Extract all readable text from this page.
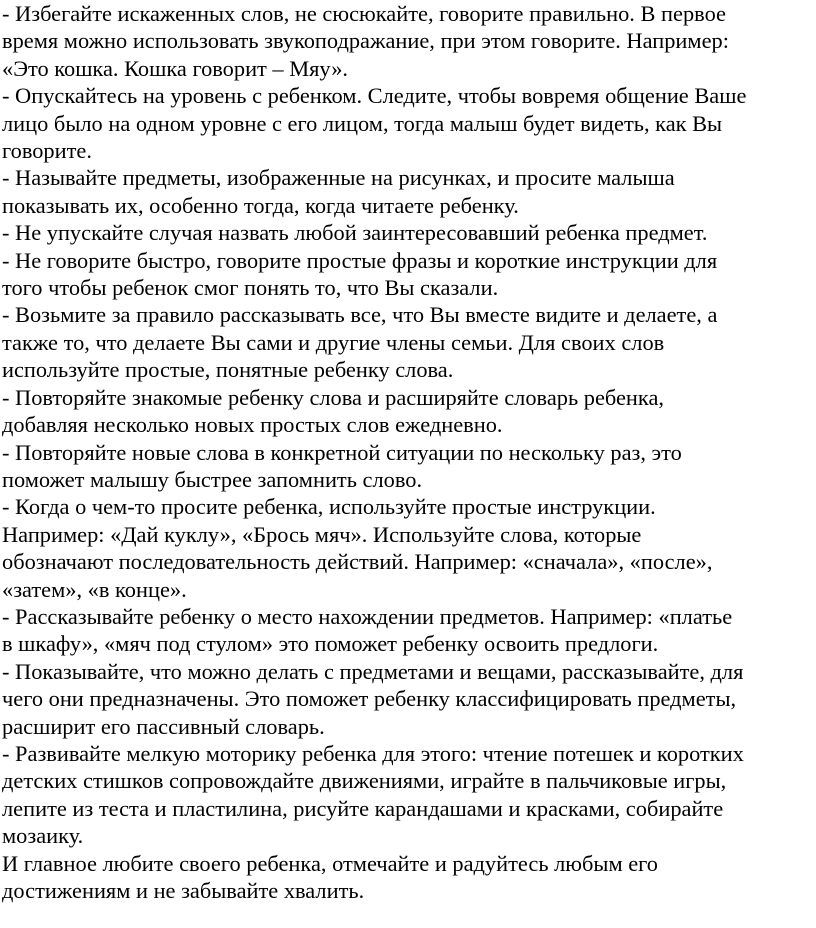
- Избегайте искаженных слов, не сюсюкайте, говорите правильно. В первое
время можно использовать звукоподражание, при этом говорите. Например:
«Это кошка. Кошка говорит – Мяу».
- Опускайтесь на уровень с ребенком. Следите, чтобы вовремя общение Ваше
лицо было на одном уровне с его лицом, тогда малыш будет видеть, как Вы
говорите.
- Называйте предметы, изображенные на рисунках, и просите малыша
показывать их, особенно тогда, когда читаете ребенку.
- Не упускайте случая назвать любой заинтересовавший ребенка предмет.
- Не говорите быстро, говорите простые фразы и короткие инструкции для
того чтобы ребенок смог понять то, что Вы сказали.
- Возьмите за правило рассказывать все, что Вы вместе видите и делаете, а
также то, что делаете Вы сами и другие члены семьи. Для своих слов
используйте простые, понятные ребенку слова.
- Повторяйте знакомые ребенку слова и расширяйте словарь ребенка,
добавляя несколько новых простых слов ежедневно.
- Повторяйте новые слова в конкретной ситуации по нескольку раз, это
поможет малышу быстрее запомнить слово.
- Когда о чем-то просите ребенка, используйте простые инструкции.
Например: «Дай куклу», «Брось мяч». Используйте слова, которые
обозначают последовательность действий. Например: «сначала», «после»,
«затем», «в конце».
- Рассказывайте ребенку о место нахождении предметов. Например: «платье
в шкафу», «мяч под стулом» это поможет ребенку освоить предлоги.
- Показывайте, что можно делать с предметами и вещами, рассказывайте, для
чего они предназначены. Это поможет ребенку классифицировать предметы,
расширит его пассивный словарь.
- Развивайте мелкую моторику ребенка для этого: чтение потешек и коротких
детских стишков сопровождайте движениями, играйте в пальчиковые игры,
лепите из теста и пластилина, рисуйте карандашами и красками, собирайте
мозаику.
И главное любите своего ребенка, отмечайте и радуйтесь любым его
достижениям и не забывайте хвалить.
